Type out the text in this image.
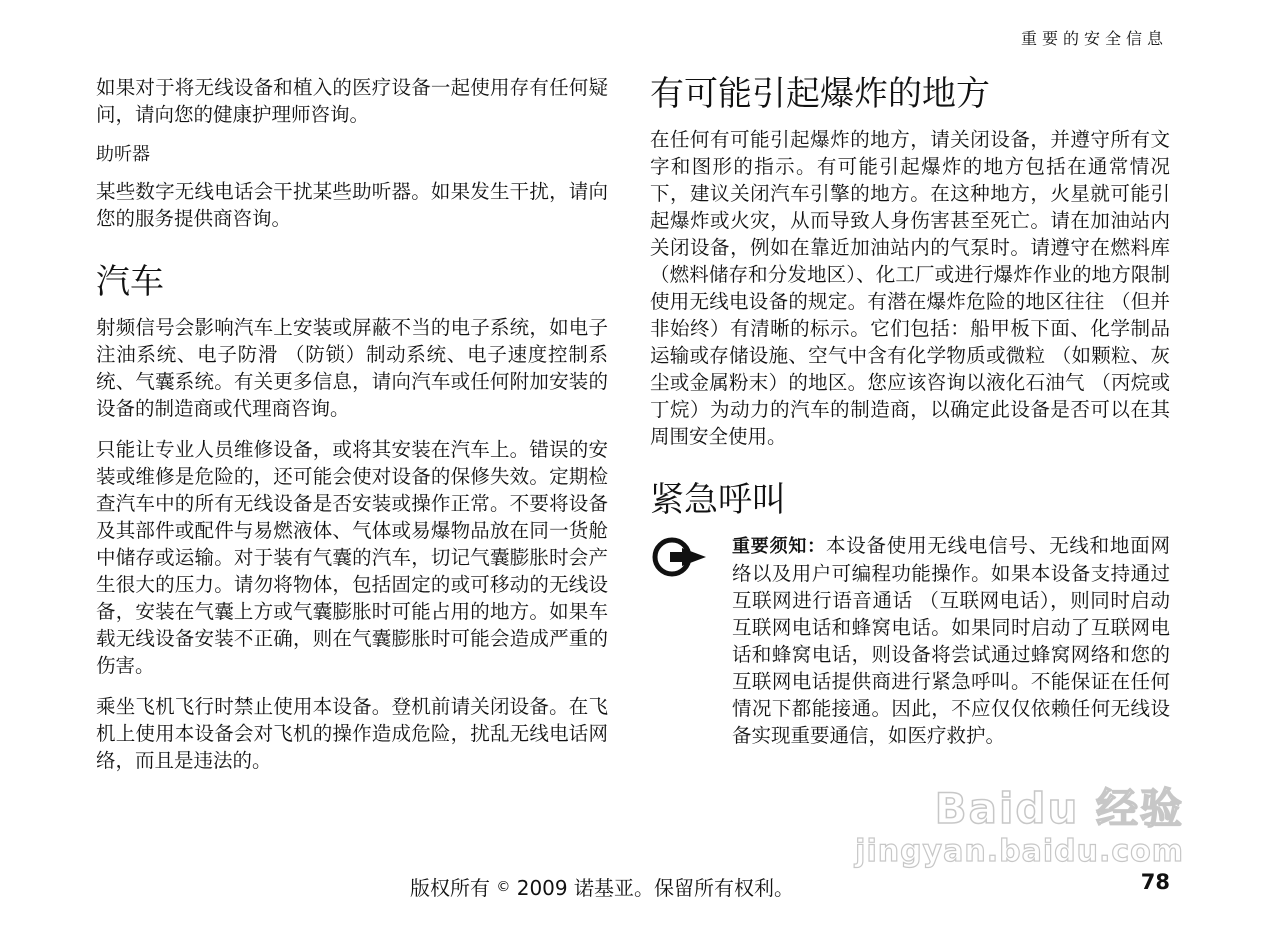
重要的安全信息

如果对于将无线设备和植入的医疗设备一起使用存有任何疑问，请向您的健康护理师咨询。

助听器

某些数字无线电话会干扰某些助听器。如果发生干扰，请向您的服务提供商咨询。

汽车

射频信号会影响汽车上安装或屏蔽不当的电子系统，如电子注油系统、电子防滑 （防锁）制动系统、电子速度控制系统、气囊系统。有关更多信息，请向汽车或任何附加安装的设备的制造商或代理商咨询。

只能让专业人员维修设备，或将其安装在汽车上。错误的安装或维修是危险的，还可能会使对设备的保修失效。定期检查汽车中的所有无线设备是否安装或操作正常。不要将设备及其部件或配件与易燃液体、气体或易爆物品放在同一货舱中储存或运输。对于装有气囊的汽车，切记气囊膨胀时会产生很大的压力。请勿将物体，包括固定的或可移动的无线设备，安装在气囊上方或气囊膨胀时可能占用的地方。如果车载无线设备安装不正确，则在气囊膨胀时可能会造成严重的伤害。

乘坐飞机飞行时禁止使用本设备。登机前请关闭设备。在飞机上使用本设备会对飞机的操作造成危险，扰乱无线电话网络，而且是违法的。

有可能引起爆炸的地方

在任何有可能引起爆炸的地方，请关闭设备，并遵守所有文字和图形的指示。有可能引起爆炸的地方包括在通常情况下，建议关闭汽车引擎的地方。在这种地方，火星就可能引起爆炸或火灾，从而导致人身伤害甚至死亡。请在加油站内关闭设备，例如在靠近加油站内的气泵时。请遵守在燃料库 （燃料储存和分发地区）、化工厂或进行爆炸作业的地方限制使用无线电设备的规定。有潜在爆炸危险的地区往往 （但并非始终）有清晰的标示。它们包括：船甲板下面、化学制品运输或存储设施、空气中含有化学物质或微粒 （如颗粒、灰尘或金属粉末）的地区。您应该咨询以液化石油气 （丙烷或丁烷）为动力的汽车的制造商，以确定此设备是否可以在其周围安全使用。

紧急呼叫

重要须知：本设备使用无线电信号、无线和地面网络以及用户可编程功能操作。如果本设备支持通过互联网进行语音通话 （互联网电话），则同时启动互联网电话和蜂窝电话。如果同时启动了互联网电话和蜂窝电话，则设备将尝试通过蜂窝网络和您的互联网电话提供商进行紧急呼叫。不能保证在任何情况下都能接通。因此，不应仅仅依赖任何无线设备实现重要通信，如医疗救护。

版权所有 © 2009 诺基亚。保留所有权利。	78
Baidu 经验
jingyan.baidu.com
